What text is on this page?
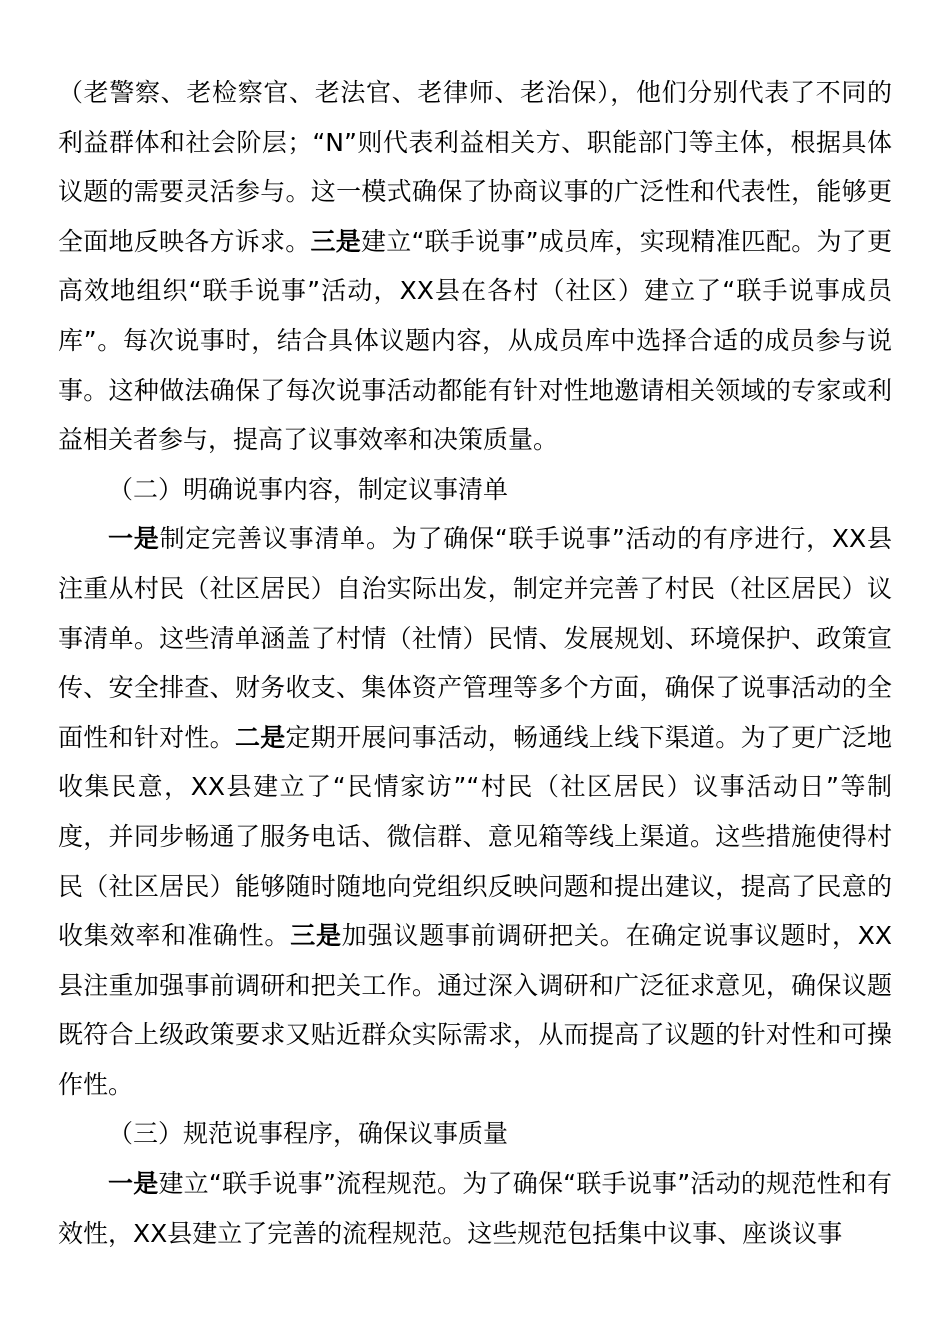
（老警察、老检察官、老法官、老律师、老治保），他们分别代表了不同的利益群体和社会阶层；“N”则代表利益相关方、职能部门等主体，根据具体议题的需要灵活参与。这一模式确保了协商议事的广泛性和代表性，能够更全面地反映各方诉求。三是建立“联手说事”成员库，实现精准匹配。为了更高效地组织“联手说事”活动，XX县在各村（社区）建立了“联手说事成员库”。每次说事时，结合具体议题内容，从成员库中选择合适的成员参与说事。这种做法确保了每次说事活动都能有针对性地邀请相关领域的专家或利益相关者参与，提高了议事效率和决策质量。

（二）明确说事内容，制定议事清单

一是制定完善议事清单。为了确保“联手说事”活动的有序进行，XX县注重从村民（社区居民）自治实际出发，制定并完善了村民（社区居民）议事清单。这些清单涵盖了村情（社情）民情、发展规划、环境保护、政策宣传、安全排查、财务收支、集体资产管理等多个方面，确保了说事活动的全面性和针对性。二是定期开展问事活动，畅通线上线下渠道。为了更广泛地收集民意，XX县建立了“民情家访”“村民（社区居民）议事活动日”等制度，并同步畅通了服务电话、微信群、意见箱等线上渠道。这些措施使得村民（社区居民）能够随时随地向党组织反映问题和提出建议，提高了民意的收集效率和准确性。三是加强议题事前调研把关。在确定说事议题时，XX县注重加强事前调研和把关工作。通过深入调研和广泛征求意见，确保议题既符合上级政策要求又贴近群众实际需求，从而提高了议题的针对性和可操作性。

（三）规范说事程序，确保议事质量

一是建立“联手说事”流程规范。为了确保“联手说事”活动的规范性和有效性，XX县建立了完善的流程规范。这些规范包括集中议事、座谈议事
